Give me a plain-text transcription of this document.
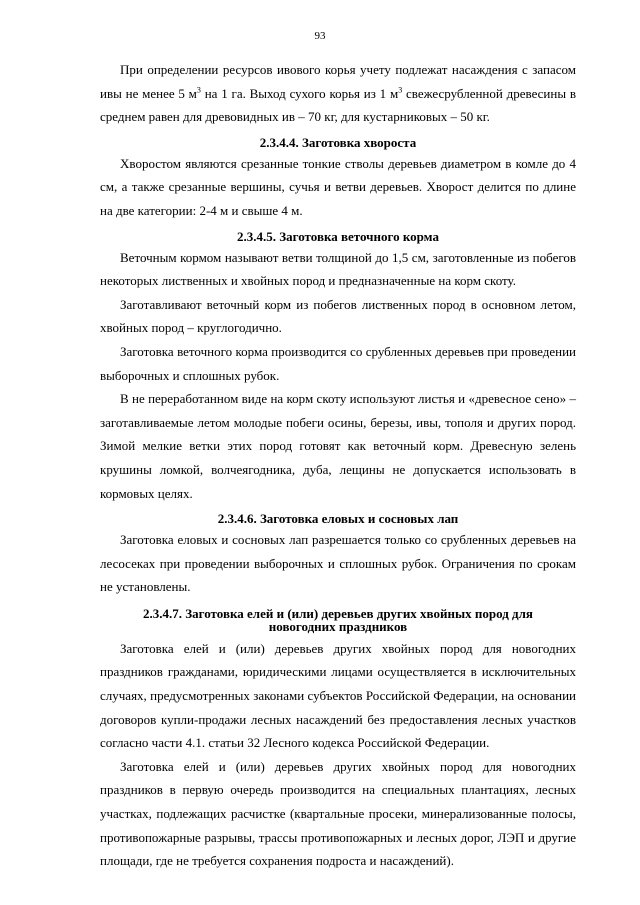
93

При определении ресурсов ивового корья учету подлежат насаждения с запасом ивы не менее 5 $м^3$ на 1 га. Выход сухого корья из 1 $м^3$ свежесрубленной древесины в среднем равен для древовидных ив – 70 кг, для кустарниковых – 50 кг.

2.3.4.4. Заготовка хвороста

Хворостом являются срезанные тонкие стволы деревьев диаметром в комле до 4 см, а также срезанные вершины, сучья и ветви деревьев. Хворост делится по длине на две категории: 2-4 м и свыше 4 м.

2.3.4.5. Заготовка веточного корма

Веточным кормом называют ветви толщиной до 1,5 см, заготовленные из побегов некоторых лиственных и хвойных пород и предназначенные на корм скоту.

Заготавливают веточный корм из побегов лиственных пород в основном летом, хвойных пород – круглогодично.

Заготовка веточного корма производится со срубленных деревьев при проведении выборочных и сплошных рубок.

В не переработанном виде на корм скоту используют листья и «древесное сено» – заготавливаемые летом молодые побеги осины, березы, ивы, тополя и других пород. Зимой мелкие ветки этих пород готовят как веточный корм. Древесную зелень крушины ломкой, волчеягодника, дуба, лещины не допускается использовать в кормовых целях.

2.3.4.6. Заготовка еловых и сосновых лап

Заготовка еловых и сосновых лап разрешается только со срубленных деревьев на лесосеках при проведении выборочных и сплошных рубок. Ограничения по срокам не установлены.

2.3.4.7. Заготовка елей и (или) деревьев других хвойных пород для
новогодних праздников

Заготовка елей и (или) деревьев других хвойных пород для новогодних праздников гражданами, юридическими лицами осуществляется в исключительных случаях, предусмотренных законами субъектов Российской Федерации, на основании договоров купли-продажи лесных насаждений без предоставления лесных участков согласно части 4.1. статьи 32 Лесного кодекса Российской Федерации.

Заготовка елей и (или) деревьев других хвойных пород для новогодних праздников в первую очередь производится на специальных плантациях, лесных участках, подлежащих расчистке (квартальные просеки, минерализованные полосы, противопожарные разрывы, трассы противопожарных и лесных дорог, ЛЭП и другие площади, где не требуется сохранения подроста и насаждений).
